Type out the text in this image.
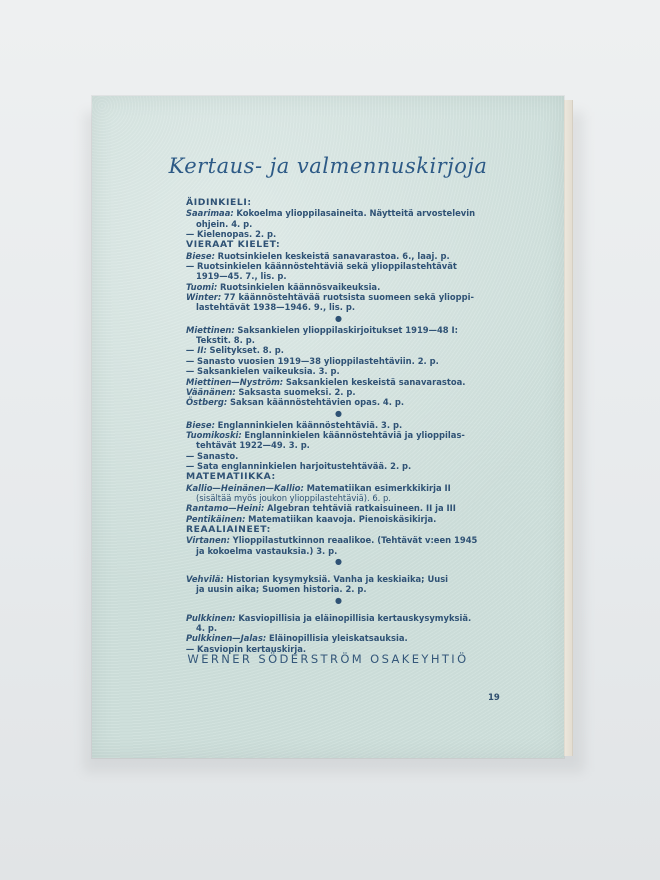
Kertaus- ja valmennuskirjoja
ÄIDINKIELI:
Saarimaa: Kokoelma ylioppilasaineita. Näytteitä arvostelevin
ohjein. 4. p.
— Kielenopas. 2. p.
VIERAAT KIELET:
Biese: Ruotsinkielen keskeistä sanavarastoa. 6., laaj. p.
— Ruotsinkielen käännöstehtäviä sekä ylioppilastehtävät
1919—45. 7., lis. p.
Tuomi: Ruotsinkielen käännösvaikeuksia.
Winter: 77 käännöstehtävää ruotsista suomeen sekä ylioppi-
lastehtävät 1938—1946. 9., lis. p.
●
Miettinen: Saksankielen ylioppilaskirjoitukset 1919—48 I:
Tekstit. 8. p.
— II: Selitykset. 8. p.
— Sanasto vuosien 1919—38 ylioppilastehtäviin. 2. p.
— Saksankielen vaikeuksia. 3. p.
Miettinen—Nyström: Saksankielen keskeistä sanavarastoa.
Väänänen: Saksasta suomeksi. 2. p.
Östberg: Saksan käännöstehtävien opas. 4. p.
●
Biese: Englanninkielen käännöstehtäviä. 3. p.
Tuomikoski: Englanninkielen käännöstehtäviä ja ylioppilas-
tehtävät 1922—49. 3. p.
— Sanasto.
— Sata englanninkielen harjoitustehtävää. 2. p.
MATEMATIIKKA:
Kallio—Heinänen—Kallio: Matematiikan esimerkkikirja II
(sisältää myös joukon ylioppilastehtäviä). 6. p.
Rantamo—Heini: Algebran tehtäviä ratkaisuineen. II ja III
Pentikäinen: Matematiikan kaavoja. Pienoiskäsikirja.
REAALIAINEET:
Virtanen: Ylioppilastutkinnon reaalikoe. (Tehtävät v:een 1945
ja kokoelma vastauksia.) 3. p.
●
Vehvilä: Historian kysymyksiä. Vanha ja keskiaika; Uusi
ja uusin aika; Suomen historia. 2. p.
●
Pulkkinen: Kasviopillisia ja eläinopillisia kertauskysymyksiä.
4. p.
Pulkkinen—Jalas: Eläinopillisia yleiskatsauksia.
— Kasviopin kertauskirja.
WERNER SÖDERSTRÖM OSAKEYHTIÖ
19
